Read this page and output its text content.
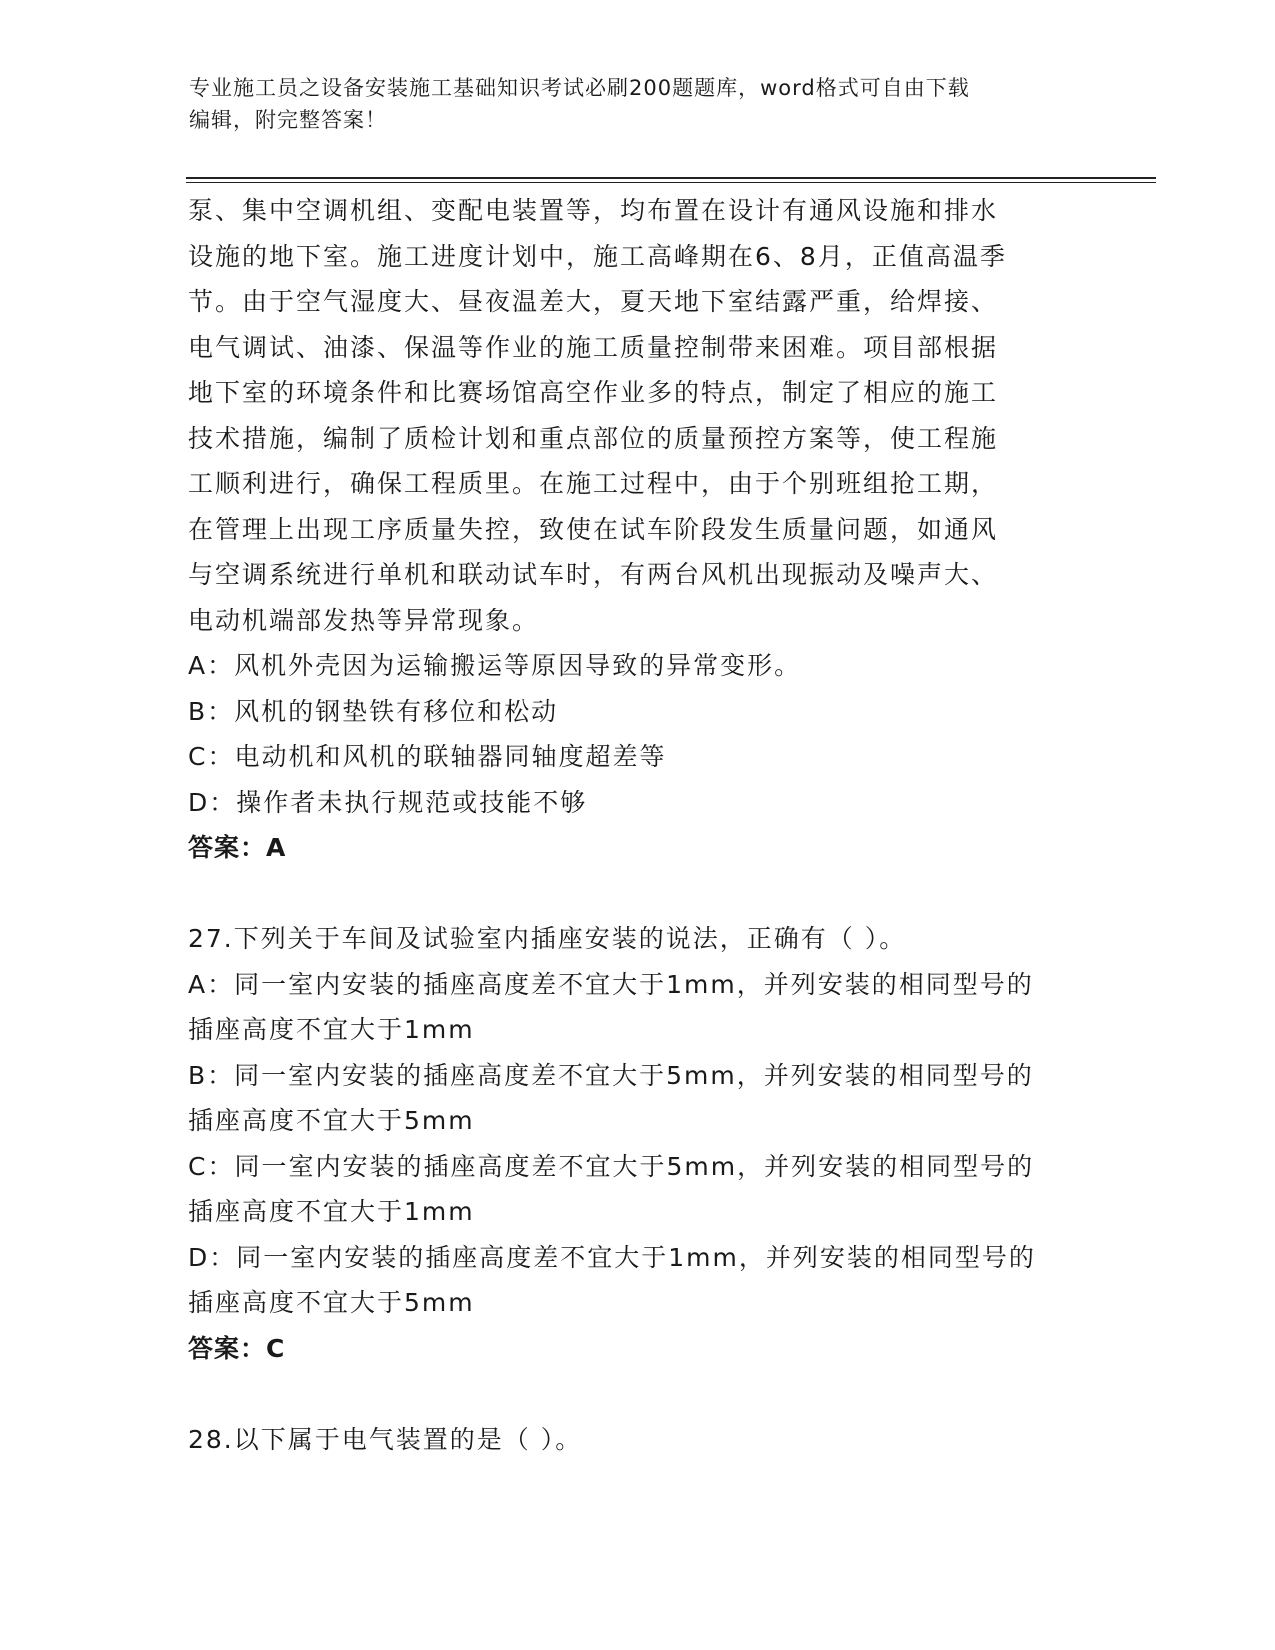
专业施工员之设备安装施工基础知识考试必刷200题题库，word格式可自由下载
编辑，附完整答案！
泵、集中空调机组、变配电装置等，均布置在设计有通风设施和排水
设施的地下室。施工进度计划中，施工高峰期在6、8月，正值高温季
节。由于空气湿度大、昼夜温差大，夏天地下室结露严重，给焊接、
电气调试、油漆、保温等作业的施工质量控制带来困难。项目部根据
地下室的环境条件和比赛场馆高空作业多的特点，制定了相应的施工
技术措施，编制了质检计划和重点部位的质量预控方案等，使工程施
工顺利进行，确保工程质里。在施工过程中，由于个别班组抢工期，
在管理上出现工序质量失控，致使在试车阶段发生质量问题，如通风
与空调系统进行单机和联动试车时，有两台风机出现振动及噪声大、
电动机端部发热等异常现象。
A：风机外壳因为运输搬运等原因导致的异常变形。
B：风机的钢垫铁有移位和松动
C：电动机和风机的联轴器同轴度超差等
D：操作者未执行规范或技能不够
答案：A
27.下列关于车间及试验室内插座安装的说法，正确有（ ）。
A：同一室内安装的插座高度差不宜大于1mm，并列安装的相同型号的
插座高度不宜大于1mm
B：同一室内安装的插座高度差不宜大于5mm，并列安装的相同型号的
插座高度不宜大于5mm
C：同一室内安装的插座高度差不宜大于5mm，并列安装的相同型号的
插座高度不宜大于1mm
D：同一室内安装的插座高度差不宜大于1mm，并列安装的相同型号的
插座高度不宜大于5mm
答案：C
28.以下属于电气装置的是（ ）。
